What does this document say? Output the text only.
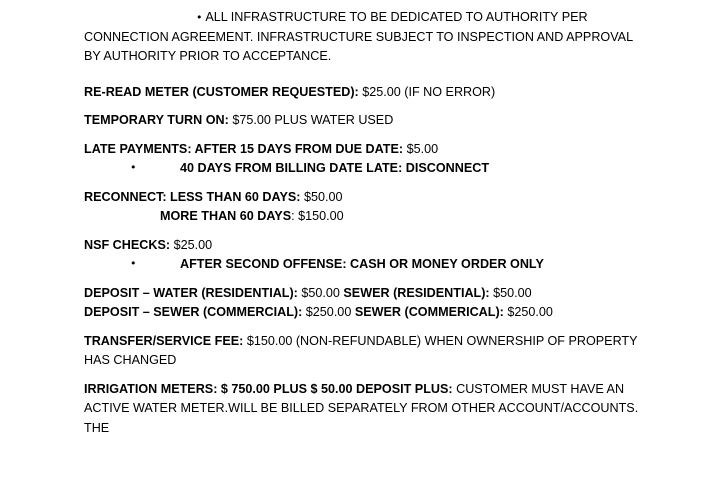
• ALL INFRASTRUCTURE TO BE DEDICATED TO AUTHORITY PER CONNECTION AGREEMENT. INFRASTRUCTURE SUBJECT TO INSPECTION AND APPROVAL BY AUTHORITY PRIOR TO ACCEPTANCE.

RE-READ METER (CUSTOMER REQUESTED): $25.00 (IF NO ERROR)

TEMPORARY TURN ON: $75.00 PLUS WATER USED

LATE PAYMENTS: AFTER 15 DAYS FROM DUE DATE: $5.00

•	40 DAYS FROM BILLING DATE LATE: DISCONNECT

RECONNECT: LESS THAN 60 DAYS: $50.00

MORE THAN 60 DAYS: $150.00

NSF CHECKS: $25.00

•	AFTER SECOND OFFENSE: CASH OR MONEY ORDER ONLY

DEPOSIT – WATER (RESIDENTIAL): $50.00 SEWER (RESIDENTIAL): $50.00

DEPOSIT – SEWER (COMMERCIAL): $250.00 SEWER (COMMERICAL): $250.00

TRANSFER/SERVICE FEE: $150.00 (NON-REFUNDABLE) WHEN OWNERSHIP OF PROPERTY HAS CHANGED

IRRIGATION METERS: $ 750.00 PLUS $ 50.00 DEPOSIT PLUS: CUSTOMER MUST HAVE AN ACTIVE WATER METER.WILL BE BILLED SEPARATELY FROM OTHER ACCOUNT/ACCOUNTS. THE
